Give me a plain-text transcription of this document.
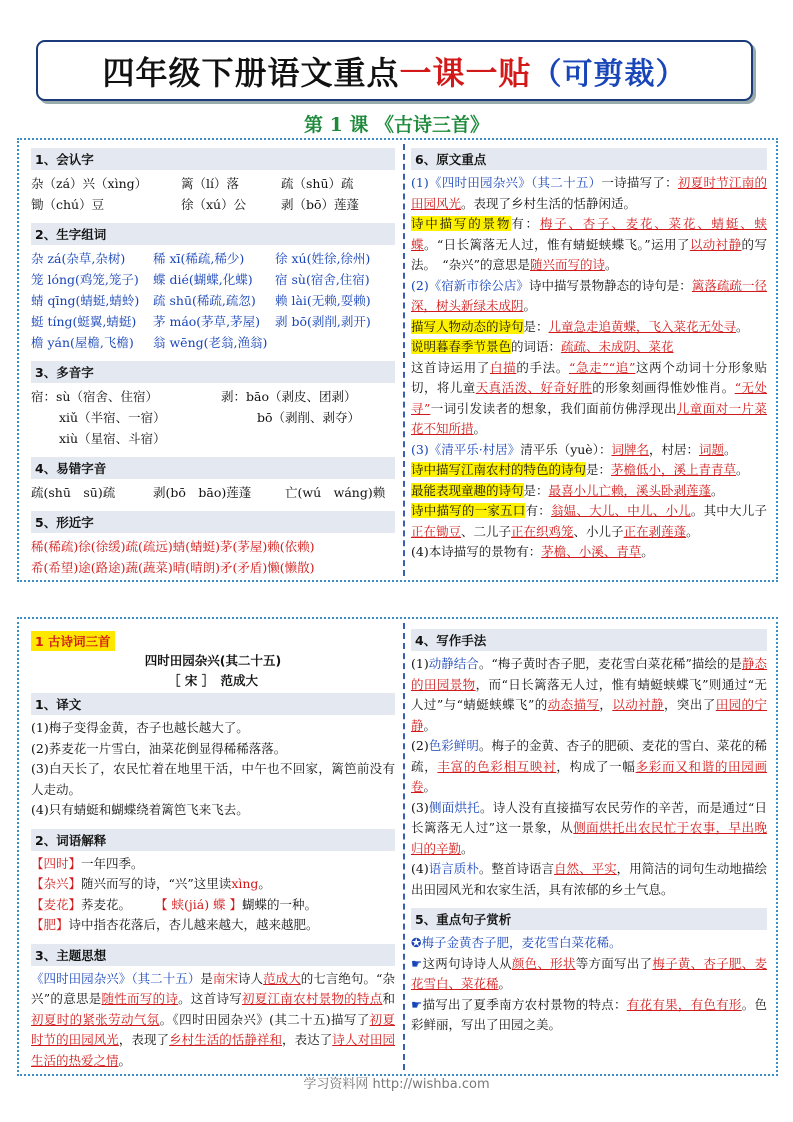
四年级下册语文重点 一课一贴 （可剪裁）
第 1 课 《古诗三首》
1、会认字
杂（zá）兴（xìng）	篱（lí）落	疏（shū）疏
锄（chú）豆	徐（xú）公	剥（bō）莲蓬
2、生字组词
杂 zá(杂草,杂树) 稀 xī(稀疏,稀少) 徐 xú(姓徐,徐州)
笼 lóng(鸡笼,笼子) 蝶 dié(蝴蝶,化蝶) 宿 sù(宿舍,住宿)
蜻 qīng(蜻蜓,蜻蛉) 疏 shū(稀疏,疏忽) 赖 lài(无赖,耍赖)
蜓 tíng(蜓翼,蜻蜓) 茅 máo(茅草,茅屋) 剥 bō(剥削,剥开)
檐 yán(屋檐,飞檐) 翁 wēng(老翁,渔翁)
3、多音字
宿：sù（宿舍、住宿）	剥：bāo（剥皮、团剥）
xiǔ（半宿、一宿）	bō（剥削、剥夺）
xiù（星宿、斗宿）
4、易错字音
疏(shū　sū)疏	剥(bō　bāo)莲蓬	亡(wú　wáng)赖
5、形近字
稀(稀疏)徐(徐缓)疏(疏远)蜻(蜻蜓)茅(茅屋)赖(依赖)
希(希望)途(路途)蔬(蔬菜)晴(晴朗)矛(矛盾)懒(懒散)
6、原文重点
(1)《四时田园杂兴》（其二十五）一诗描写了：初夏时节江南的田园风光。表现了乡村生活的恬静闲适。
诗中描写的景物有：梅子、杏子、麦花、菜花、蜻蜓、蛱蝶。“日长篱落无人过，惟有蜻蜓蛱蝶飞。”运用了以动衬静的写法。　“杂兴”的意思是随兴而写的诗。
(2)《宿新市徐公店》诗中描写景物静态的诗句是：篱落疏疏一径深，树头新绿未成阴。
描写人物动态的诗句是：儿童急走追黄蝶，飞入菜花无处寻。
说明暮春季节景色的词语：疏疏、未成阴、菜花
这首诗运用了白描的手法。“急走”“追”这两个动词十分形象贴切，将儿童天真活泼、好奇好胜的形象刻画得惟妙惟肖。“无处寻”一词引发读者的想象，我们面前仿佛浮现出儿童面对一片菜花不知所措。
(3)《清平乐·村居》清平乐（yuè）：词牌名，村居：词题。
诗中描写江南农村的特色的诗句是：茅檐低小，溪上青青草。
最能表现童趣的诗句是：最喜小儿亡赖，溪头卧剥莲蓬。
诗中描写的一家五口有：翁媪、大儿、中儿、小儿。其中大儿子正在锄豆、二儿子正在织鸡笼、小儿子正在剥莲蓬。
(4)本诗描写的景物有：茅檐、小溪、青草。
1 古诗词三首
四时田园杂兴(其二十五)
［ 宋 ］　范成大
1、译文
(1)梅子变得金黄，杏子也越长越大了。
(2)荞麦花一片雪白，油菜花倒显得稀稀落落。
(3)白天长了，农民忙着在地里干活，中午也不回家，篱笆前没有人走动。
(4)只有蜻蜓和蝴蝶绕着篱笆飞来飞去。
2、词语解释
【四时】一年四季。
【杂兴】随兴而写的诗，“兴”这里读xìng。
【麦花】荞麦花。 【 蛱(jiá) 蝶 】蝴蝶的一种。
【肥】诗中指杏花落后，杏儿越来越大，越来越肥。
3、主题思想
《四时田园杂兴》（其二十五）是南宋诗人范成大的七言绝句。“杂兴”的意思是随性而写的诗。这首诗写初夏江南农村景物的特点和初夏时的紧张劳动气氛。《四时田园杂兴》(其二十五)描写了初夏时节的田园风光，表现了乡村生活的恬静祥和，表达了诗人对田园生活的热爱之情。
4、写作手法
(1)动静结合。“梅子黄时杏子肥，麦花雪白菜花稀”描绘的是静态的田园景物，而“日长篱落无人过，惟有蜻蜓蛱蝶飞”则通过“无人过”与“蜻蜓蛱蝶飞”的动态描写，以动衬静，突出了田园的宁静。
(2)色彩鲜明。梅子的金黄、杏子的肥硕、麦花的雪白、菜花的稀疏，丰富的色彩相互映衬，构成了一幅多彩而又和谐的田园画卷。
(3)侧面烘托。诗人没有直接描写农民劳作的辛苦，而是通过“日长篱落无人过”这一景象，从侧面烘托出农民忙于农事，早出晚归的辛勤。
(4)语言质朴。整首诗语言自然、平实，用简洁的词句生动地描绘出田园风光和农家生活，具有浓郁的乡土气息。
5、重点句子赏析
✪梅子金黄杏子肥，麦花雪白菜花稀。
☛这两句诗诗人从颜色、形状等方面写出了梅子黄、杏子肥、麦花雪白、菜花稀。
☛描写出了夏季南方农村景物的特点：有花有果，有色有形。色彩鲜丽，写出了田园之美。
学习资料网 http://wishba.com
